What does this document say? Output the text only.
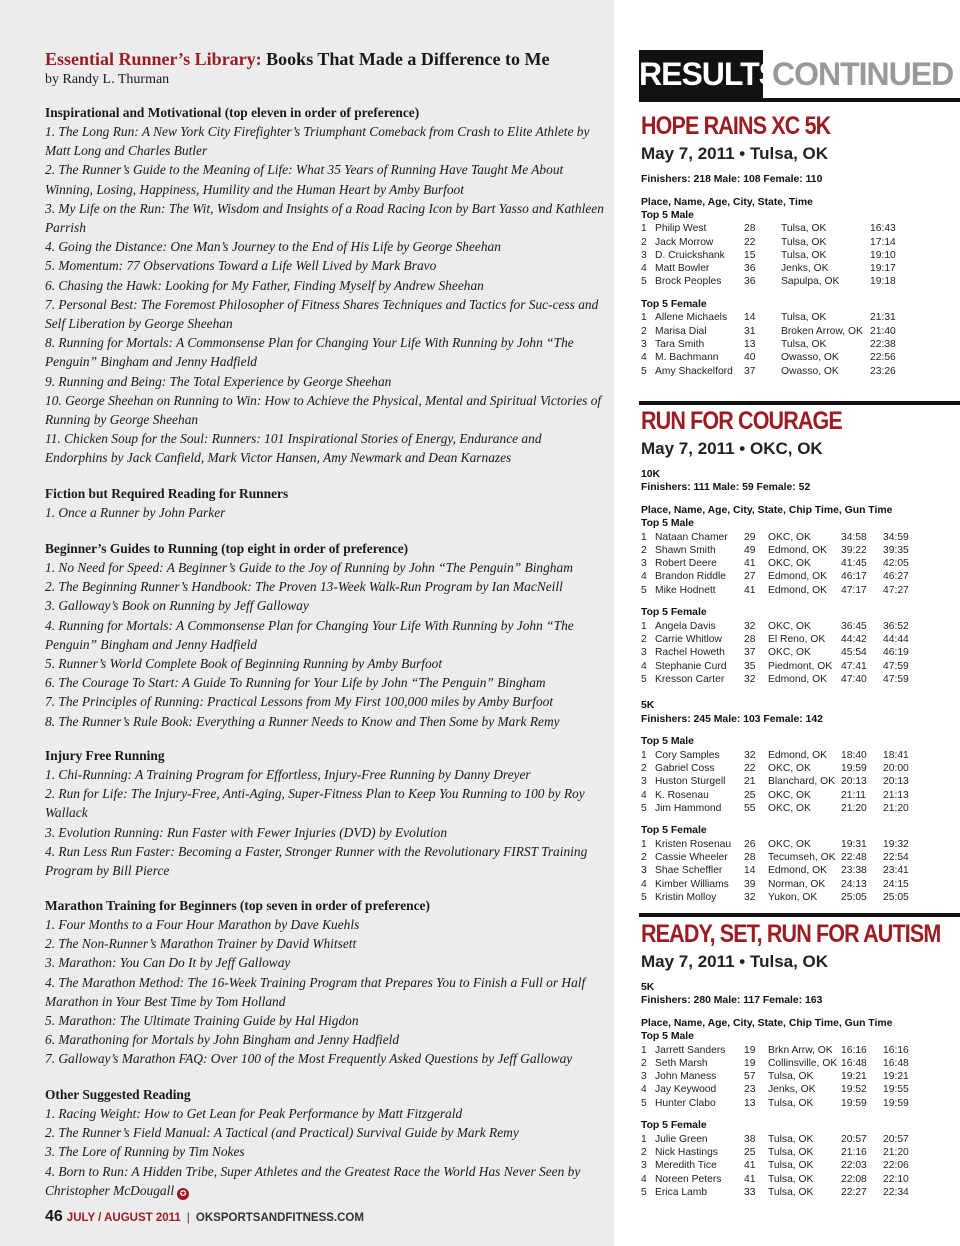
Essential Runner’s Library: Books That Made a Difference to Me
by Randy L. Thurman
Inspirational and Motivational (top eleven in order of preference)
1. The Long Run: A New York City Firefighter’s Triumphant Comeback from Crash to Elite Athlete by Matt Long and Charles Butler
2. The Runner’s Guide to the Meaning of Life: What 35 Years of Running Have Taught Me About Winning, Losing, Happiness, Humility and the Human Heart by Amby Burfoot
3. My Life on the Run: The Wit, Wisdom and Insights of a Road Racing Icon by Bart Yasso and Kathleen Parrish
4. Going the Distance: One Man’s Journey to the End of His Life by George Sheehan
5. Momentum: 77 Observations Toward a Life Well Lived by Mark Bravo
6. Chasing the Hawk: Looking for My Father, Finding Myself by Andrew Sheehan
7. Personal Best: The Foremost Philosopher of Fitness Shares Techniques and Tactics for Suc-cess and Self Liberation by George Sheehan
8. Running for Mortals: A Commonsense Plan for Changing Your Life With Running by John “The Penguin” Bingham and Jenny Hadfield
9. Running and Being: The Total Experience by George Sheehan
10. George Sheehan on Running to Win: How to Achieve the Physical, Mental and Spiritual Victories of Running by George Sheehan
11. Chicken Soup for the Soul: Runners: 101 Inspirational Stories of Energy, Endurance and Endorphins by Jack Canfield, Mark Victor Hansen, Amy Newmark and Dean Karnazes
Fiction but Required Reading for Runners
1. Once a Runner by John Parker
Beginner’s Guides to Running (top eight in order of preference)
1. No Need for Speed: A Beginner’s Guide to the Joy of Running by John “The Penguin” Bingham
2. The Beginning Runner’s Handbook: The Proven 13-Week Walk-Run Program by Ian MacNeill
3. Galloway’s Book on Running by Jeff Galloway
4. Running for Mortals: A Commonsense Plan for Changing Your Life With Running by John “The Penguin” Bingham and Jenny Hadfield
5. Runner’s World Complete Book of Beginning Running by Amby Burfoot
6. The Courage To Start: A Guide To Running for Your Life by John “The Penguin” Bingham
7. The Principles of Running: Practical Lessons from My First 100,000 miles by Amby Burfoot
8. The Runner’s Rule Book: Everything a Runner Needs to Know and Then Some by Mark Remy
Injury Free Running
1. Chi-Running: A Training Program for Effortless, Injury-Free Running by Danny Dreyer
2. Run for Life: The Injury-Free, Anti-Aging, Super-Fitness Plan to Keep You Running to 100 by Roy Wallack
3. Evolution Running: Run Faster with Fewer Injuries (DVD) by Evolution
4. Run Less Run Faster: Becoming a Faster, Stronger Runner with the Revolutionary FIRST Training Program by Bill Pierce
Marathon Training for Beginners (top seven in order of preference)
1. Four Months to a Four Hour Marathon by Dave Kuehls
2. The Non-Runner’s Marathon Trainer by David Whitsett
3. Marathon: You Can Do It by Jeff Galloway
4. The Marathon Method: The 16-Week Training Program that Prepares You to Finish a Full or Half Marathon in Your Best Time by Tom Holland
5. Marathon: The Ultimate Training Guide by Hal Higdon
6. Marathoning for Mortals by John Bingham and Jenny Hadfield
7. Galloway’s Marathon FAQ: Over 100 of the Most Frequently Asked Questions by Jeff Galloway
Other Suggested Reading
1. Racing Weight: How to Get Lean for Peak Performance by Matt Fitzgerald
2. The Runner’s Field Manual: A Tactical (and Practical) Survival Guide by Mark Remy
3. The Lore of Running by Tim Nokes
4. Born to Run: A Hidden Tribe, Super Athletes and the Greatest Race the World Has Never Seen by Christopher McDougall ✪
46 JULY / AUGUST 2011 | OKSPORTSANDFITNESS.COM
RESULTS
CONTINUED
HOPE RAINS XC 5K
May 7, 2011 • Tulsa, OK
Finishers: 218 Male: 108 Female: 110
Place, Name, Age, City, State, Time
Top 5 Male
1 Philip West	28 Tulsa, OK	16:43
2 Jack Morrow	22 Tulsa, OK	17:14
3 D. Cruickshank 15 Tulsa, OK	19:10
4 Matt Bowler	36 Jenks, OK	19:17
5 Brock Peoples 36 Sapulpa, OK	19:18
Top 5 Female
1 Allene Michaels 14 Tulsa, OK	21:31
2 Marisa Dial	31 Broken Arrow, OK 21:40
3 Tara Smith	13 Tulsa, OK	22:38
4 M. Bachmann 40 Owasso, OK	22:56
5 Amy Shackelford 37 Owasso, OK	23:26
RUN FOR COURAGE
May 7, 2011 • OKC, OK
10K
Finishers: 111 Male: 59 Female: 52
Place, Name, Age, City, State, Chip Time, Gun Time
Top 5 Male
1 Nataan Chamer 29 OKC, OK	34:58 34:59
2 Shawn Smith	49 Edmond, OK 39:22 39:35
3 Robert Deere	41 OKC, OK	41:45 42:05
4 Brandon Riddle 27 Edmond, OK 46:17 46:27
5 Mike Hodnett	41 Edmond, OK 47:17 47:27
Top 5 Female
1 Angela Davis	32 OKC, OK	36:45 36:52
2 Carrie Whitlow 28 El Reno, OK 44:42 44:44
3 Rachel Howeth 37 OKC, OK	45:54 46:19
4 Stephanie Curd 35 Piedmont, OK 47:41 47:59
5 Kresson Carter 32 Edmond, OK 47:40 47:59
5K
Finishers: 245 Male: 103 Female: 142
Top 5 Male
1 Cory Samples 32 Edmond, OK 18:40 18:41
2 Gabriel Coss	22 OKC, OK	19:59 20:00
3 Huston Sturgell 21 Blanchard, OK 20:13 20:13
4 K. Rosenau	25 OKC, OK	21:11 21:13
5 Jim Hammond 55 OKC, OK	21:20 21:20
Top 5 Female
1 Kristen Rosenau 26 OKC, OK	19:31 19:32
2 Cassie Wheeler 28 Tecumseh, OK 22:48 22:54
3 Shae Scheffler 14 Edmond, OK 23:38 23:41
4 Kimber Williams 39 Norman, OK 24:13 24:15
5 Kristin Molloy	32 Yukon, OK 25:05 25:05
READY, SET, RUN FOR AUTISM
May 7, 2011 • Tulsa, OK
5K
Finishers: 280 Male: 117 Female: 163
Place, Name, Age, City, State, Chip Time, Gun Time
Top 5 Male
1 Jarrett Sanders 19 Brkn Arrw, OK 16:16 16:16
2 Seth Marsh	19 Collinsville, OK 16:48 16:48
3 John Maness	57 Tulsa, OK	19:21 19:21
4 Jay Keywood	23 Jenks, OK 19:52 19:55
5 Hunter Clabo	13 Tulsa, OK	19:59 19:59
Top 5 Female
1 Julie Green	38 Tulsa, OK	20:57 20:57
2 Nick Hastings	25 Tulsa, OK	21:16 21:20
3 Meredith Tice	41 Tulsa, OK	22:03 22:06
4 Noreen Peters 41 Tulsa, OK	22:08 22:10
5 Erica Lamb	33 Tulsa, OK	22:27 22:34
